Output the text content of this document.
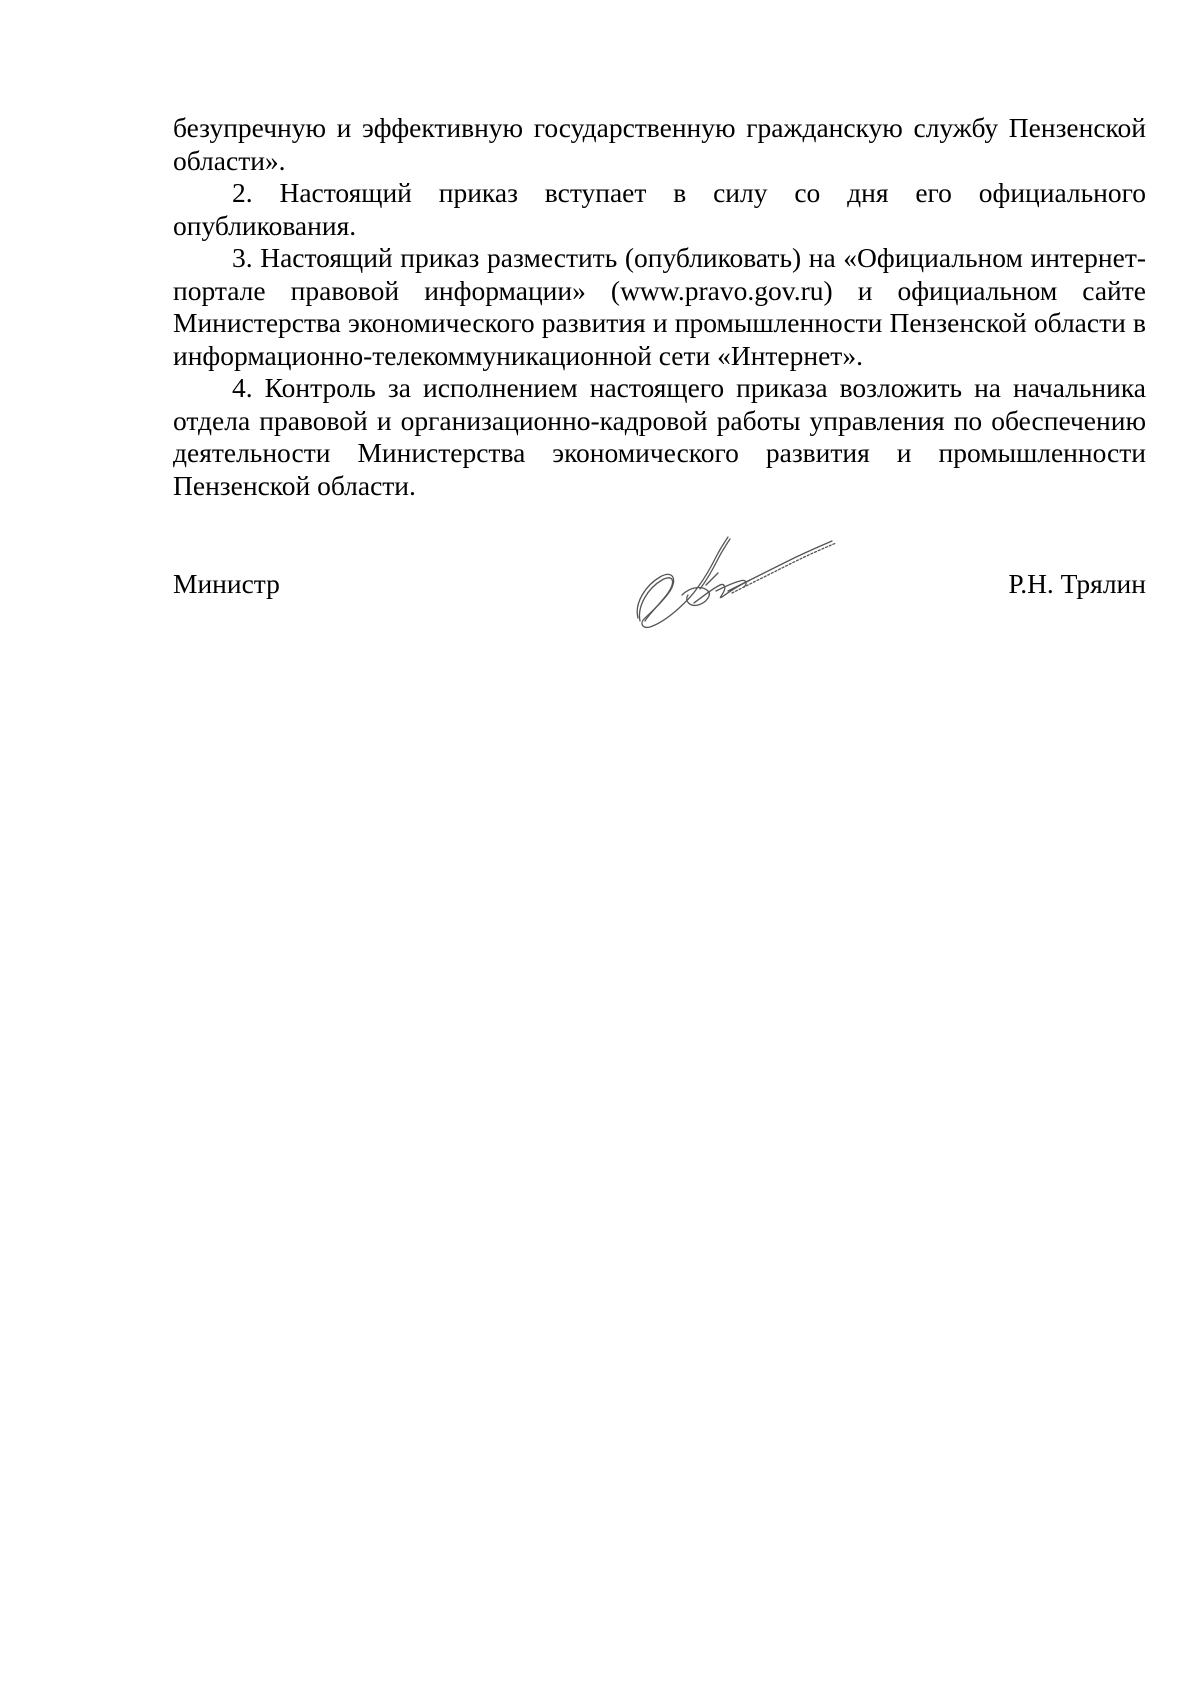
безупречную и эффективную государственную гражданскую службу Пензенской области».

2. Настоящий приказ вступает в силу со дня его официального опубликования.

3. Настоящий приказ разместить (опубликовать) на «Официальном интернет-портале правовой информации» (www.pravo.gov.ru) и официальном сайте Министерства экономического развития и промышленности Пензенской области в информационно-телекоммуникационной сети «Интернет».

4. Контроль за исполнением настоящего приказа возложить на начальника отдела правовой и организационно-кадровой работы управления по обеспечению деятельности Министерства экономического развития и промышленности Пензенской области.

Министр	Р.Н. Трялин
